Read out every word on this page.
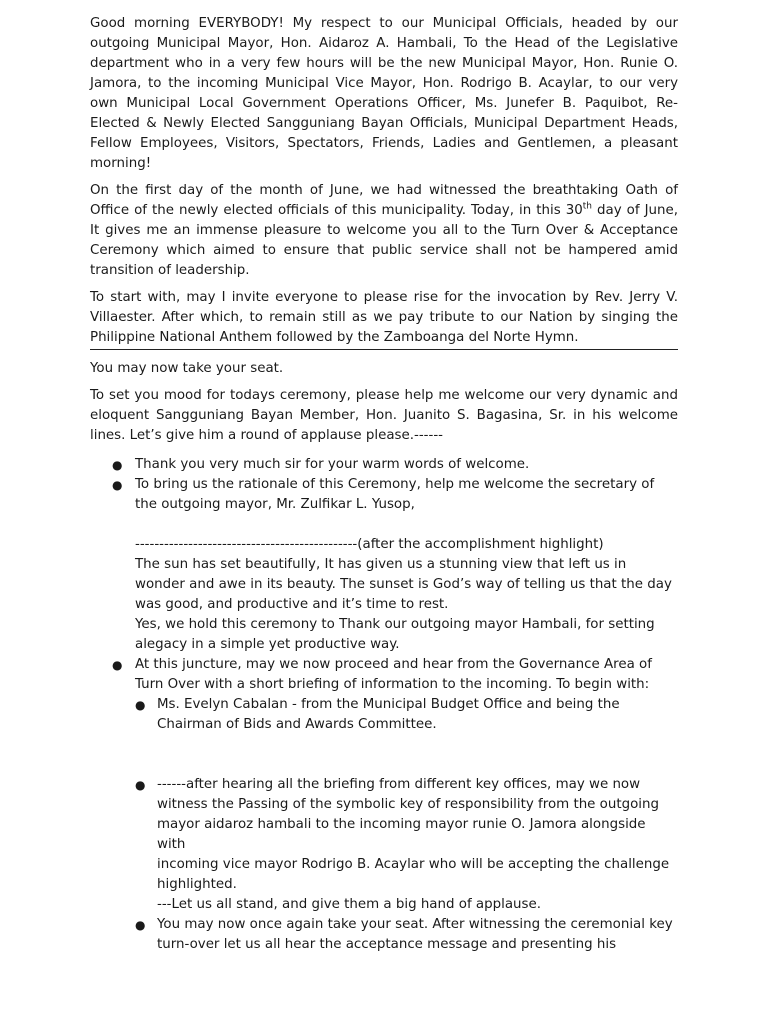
Good morning EVERYBODY! My respect to our Municipal Officials, headed by our
outgoing Municipal Mayor, Hon. Aidaroz A. Hambali, To the Head of the Legislative
department who in a very few hours will be the new Municipal Mayor, Hon. Runie O.
Jamora, to the incoming Municipal Vice Mayor, Hon. Rodrigo B. Acaylar, to our very
own Municipal Local Government Operations Officer, Ms. Junefer B. Paquibot, Re-
Elected & Newly Elected Sangguniang Bayan Officials, Municipal Department Heads,
Fellow Employees, Visitors, Spectators, Friends, Ladies and Gentlemen, a pleasant
morning!
On the first day of the month of June, we had witnessed the breathtaking Oath of
Office of the newly elected officials of this municipality. Today, in this 30th day of June,
It gives me an immense pleasure to welcome you all to the Turn Over & Acceptance
Ceremony which aimed to ensure that public service shall not be hampered amid
transition of leadership.
To start with, may I invite everyone to please rise for the invocation by Rev. Jerry V.
Villaester. After which, to remain still as we pay tribute to our Nation by singing the
Philippine National Anthem followed by the Zamboanga del Norte Hymn.
You may now take your seat.
To set you mood for todays ceremony, please help me welcome our very dynamic and
eloquent Sangguniang Bayan Member, Hon. Juanito S. Bagasina, Sr. in his welcome
lines. Let’s give him a round of applause please.------
● Thank you very much sir for your warm words of welcome.
● To bring us the rationale of this Ceremony, help me welcome the secretary of
the outgoing mayor, Mr. Zulfikar L. Yusop,
----------------------------------------------(after the accomplishment highlight)
The sun has set beautifully, It has given us a stunning view that left us in
wonder and awe in its beauty. The sunset is God’s way of telling us that the day
was good, and productive and it’s time to rest.
Yes, we hold this ceremony to Thank our outgoing mayor Hambali, for setting
alegacy in a simple yet productive way.
● At this juncture, may we now proceed and hear from the Governance Area of
Turn Over with a short briefing of information to the incoming. To begin with:
● Ms. Evelyn Cabalan - from the Municipal Budget Office and being the
Chairman of Bids and Awards Committee.
● ------after hearing all the briefing from different key offices, may we now
witness the Passing of the symbolic key of responsibility from the outgoing
mayor aidaroz hambali to the incoming mayor runie O. Jamora alongside with
incoming vice mayor Rodrigo B. Acaylar who will be accepting the challenge
highlighted.
---Let us all stand, and give them a big hand of applause.
● You may now once again take your seat. After witnessing the ceremonial key
turn-over let us all hear the acceptance message and presenting his
